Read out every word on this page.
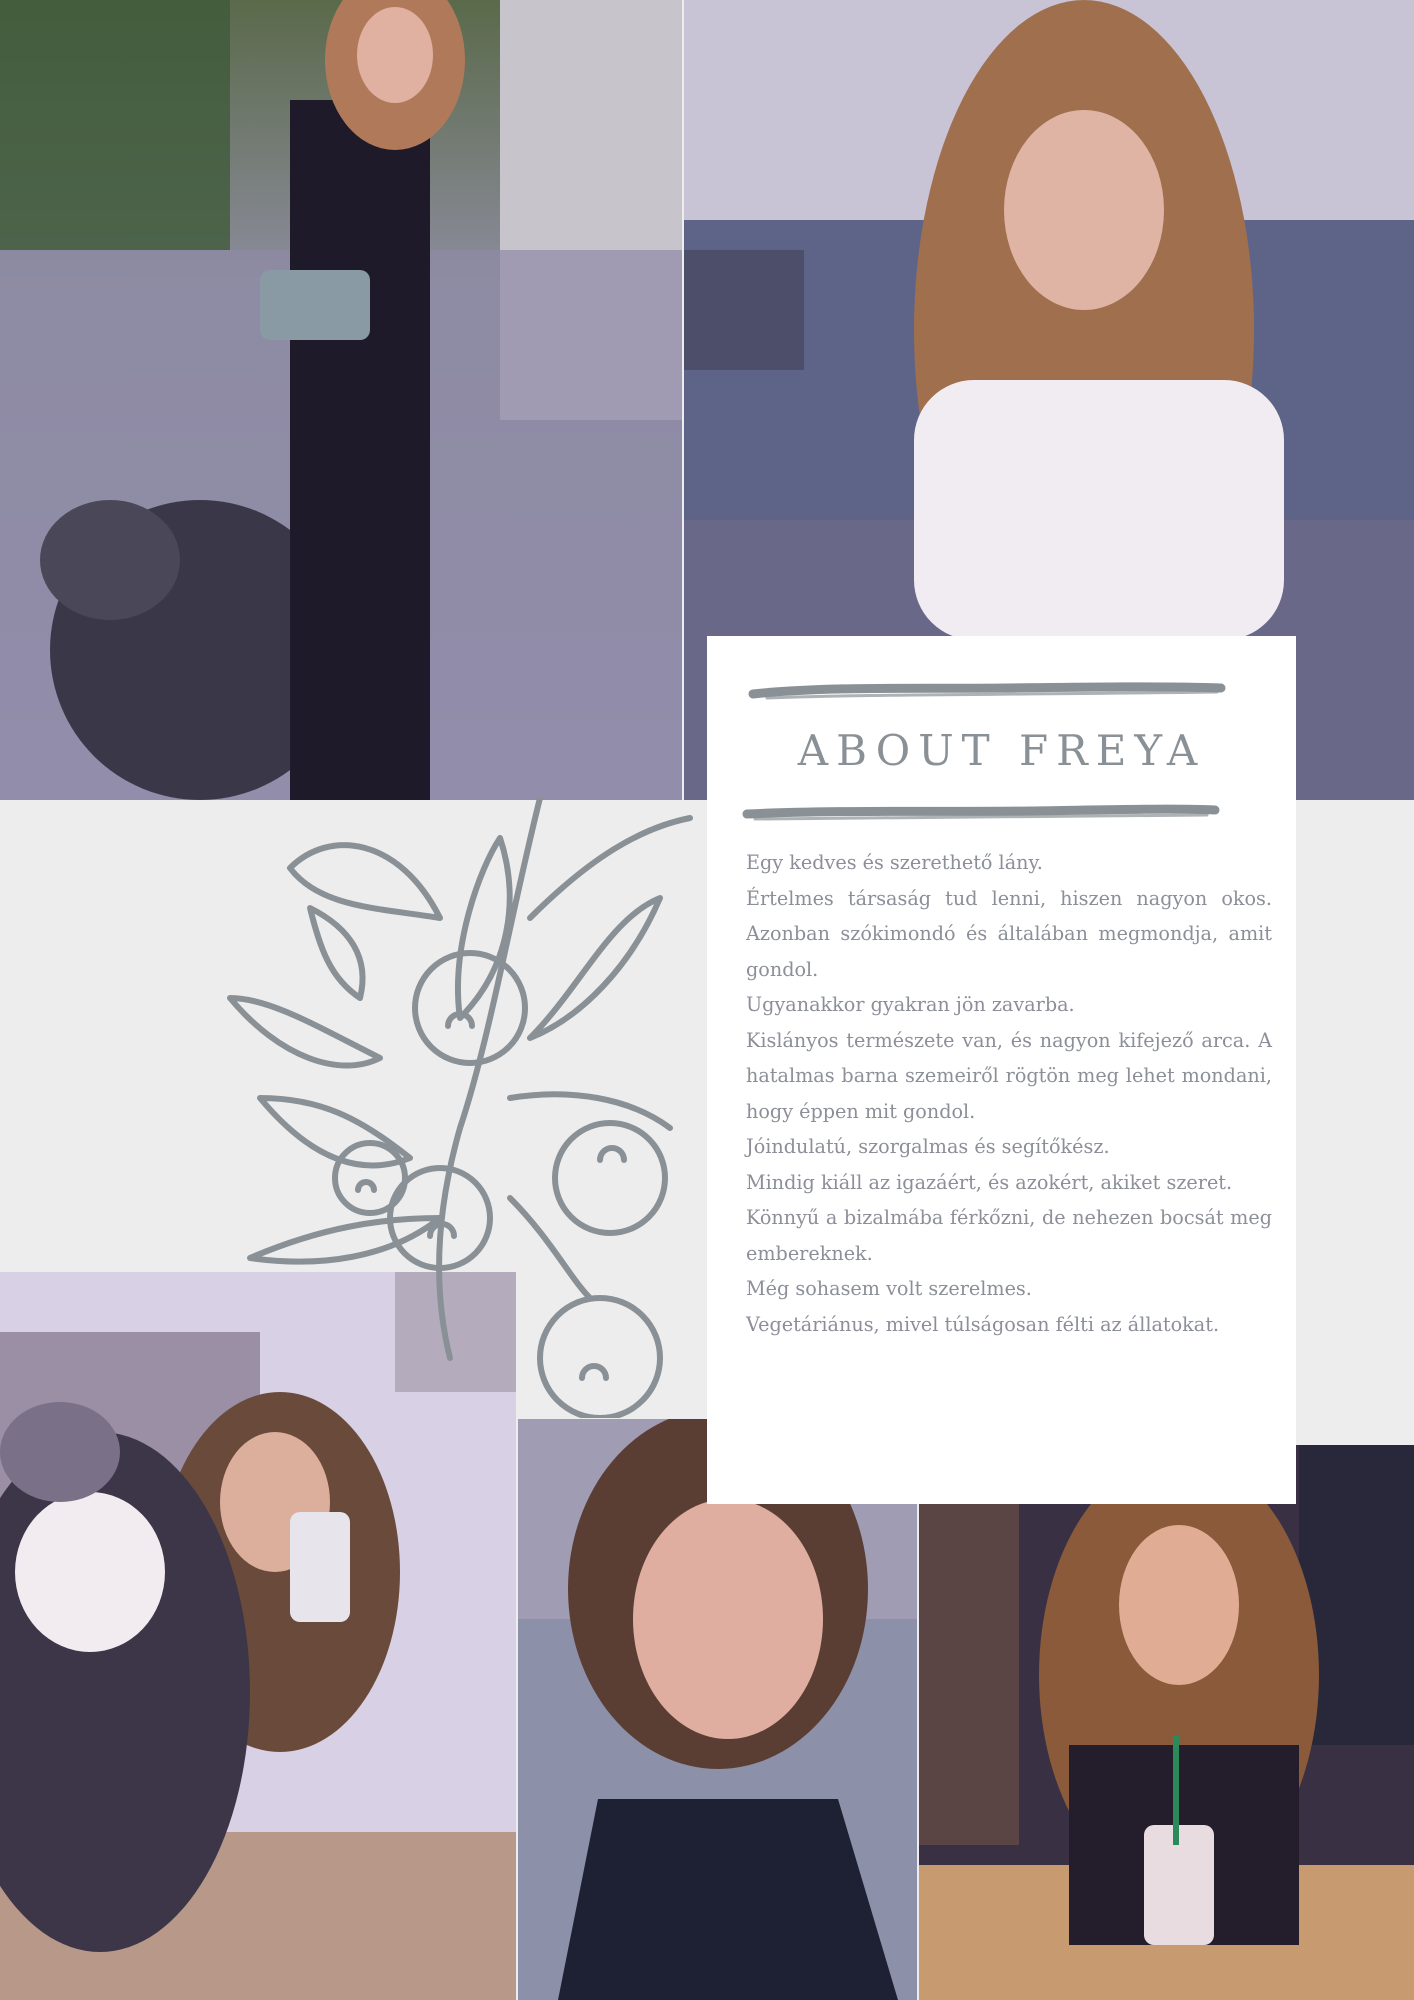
ABOUT FREYA

Egy kedves és szerethető lány.

Értelmes társaság tud lenni, hiszen nagyon okos. Azonban szókimondó és általában megmondja, amit gondol.

Ugyanakkor gyakran jön zavarba.

Kislányos természete van, és nagyon kifejező arca. A hatalmas barna szemeiről rögtön meg lehet mondani, hogy éppen mit gondol.

Jóindulatú, szorgalmas és segítőkész.

Mindig kiáll az igazáért, és azokért, akiket szeret.

Könnyű a bizalmába férkőzni, de nehezen bocsát meg embereknek.

Még sohasem volt szerelmes.

Vegetáriánus, mivel túlságosan félti az állatokat.
